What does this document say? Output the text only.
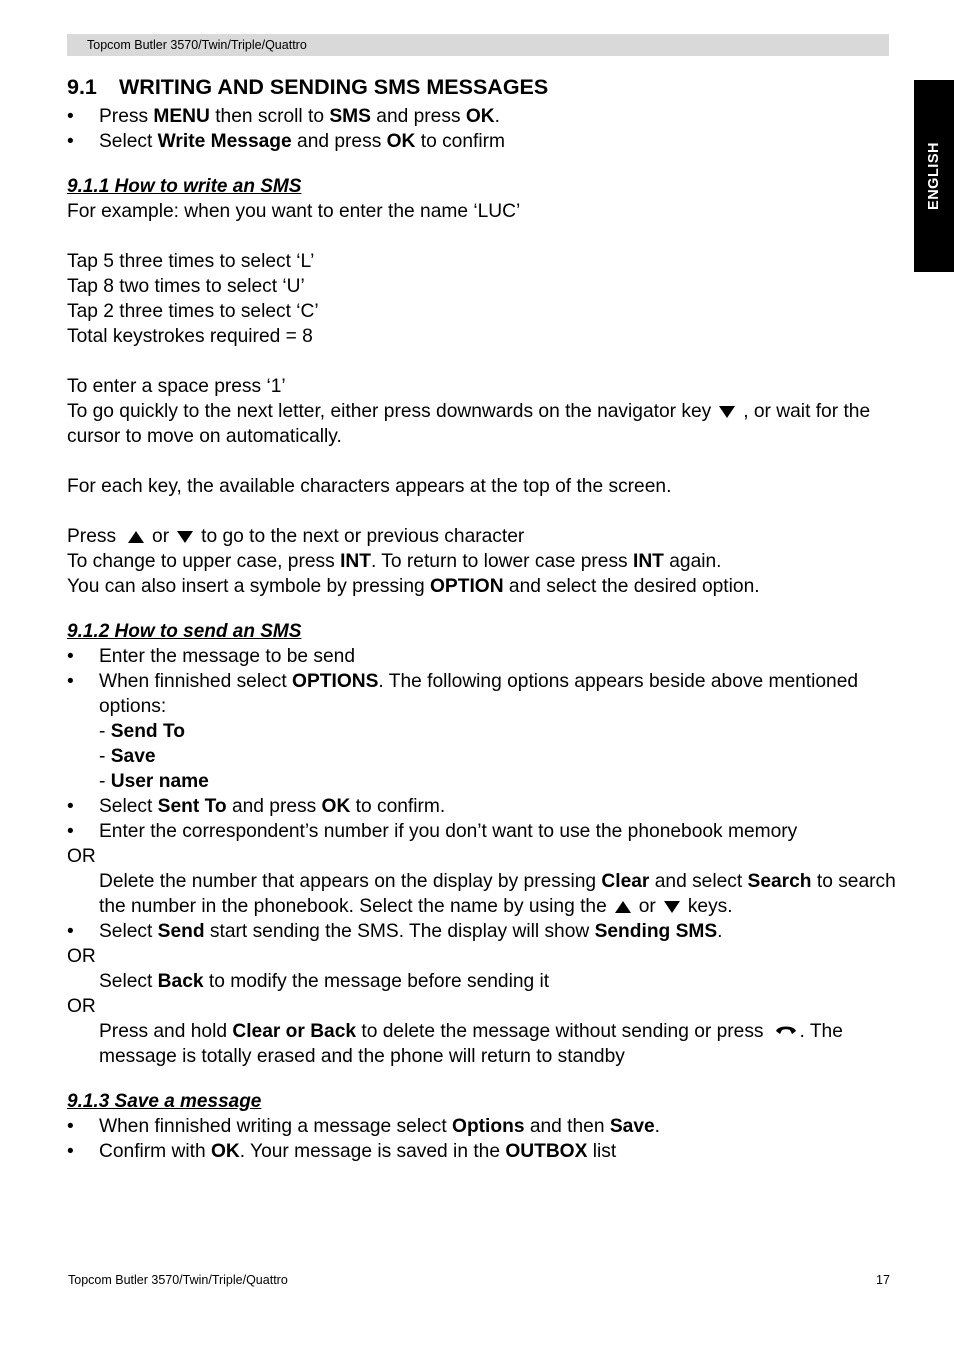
Topcom Butler 3570/Twin/Triple/Quattro
ENGLISH
9.1 WRITING AND SENDING SMS MESSAGES
• Press MENU then scroll to SMS and press OK.
• Select Write Message and press OK to confirm
9.1.1 How to write an SMS

For example: when you want to enter the name ‘LUC’

Tap 5 three times to select ‘L’

Tap 8 two times to select ‘U’

Tap 2 three times to select ‘C’

Total keystrokes required = 8

To enter a space press ‘1’

To go quickly to the next letter, either press downwards on the navigator key , or wait for the cursor to move on automatically.

For each key, the available characters appears at the top of the screen.

Press or to go to the next or previous character

To change to upper case, press INT. To return to lower case press INT again.

You can also insert a symbole by pressing OPTION and select the desired option.

9.1.2 How to send an SMS
• Enter the message to be send
• When finnished select OPTIONS. The following options appears beside above mentioned options:

- Send To

- Save

- User name

• Select Sent To and press OK to confirm.
• Enter the correspondent’s number if you don’t want to use the phonebook memory

OR

Delete the number that appears on the display by pressing Clear and select Search to search the number in the phonebook. Select the name by using the or keys.

• Select Send start sending the SMS. The display will show Sending SMS.

OR

Select Back to modify the message before sending it

OR

Press and hold Clear or Back to delete the message without sending or press . The message is totally erased and the phone will return to standby

9.1.3 Save a message
• When finnished writing a message select Options and then Save.
• Confirm with OK. Your message is saved in the OUTBOX list
Topcom Butler 3570/Twin/Triple/Quattro	17
